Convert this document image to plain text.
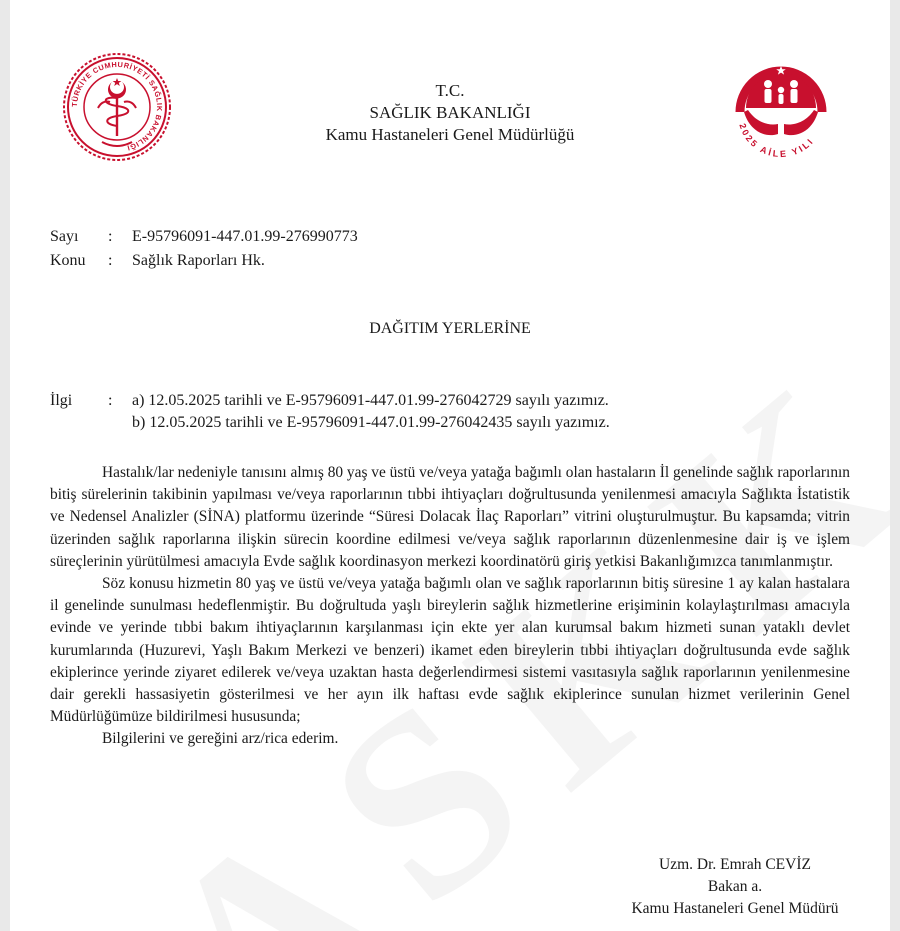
TÜRKİYE CUMHURİYETİ SAĞLIK BAKANLIĞI
2025 AİLE YILI
T.C.
SAĞLIK BAKANLIĞI
Kamu Hastaneleri Genel Müdürlüğü
Sayı : E-95796091-447.01.99-276990773
Konu : Sağlık Raporları Hk.
DAĞITIM YERLERİNE
İlgi : a) 12.05.2025 tarihli ve E-95796091-447.01.99-276042729 sayılı yazımız.
b) 12.05.2025 tarihli ve E-95796091-447.01.99-276042435 sayılı yazımız.

Hastalık/lar nedeniyle tanısını almış 80 yaş ve üstü ve/veya yatağa bağımlı olan hastaların İl genelinde sağlık raporlarının bitiş sürelerinin takibinin yapılması ve/veya raporlarının tıbbi ihtiyaçları doğrultusunda yenilenmesi amacıyla Sağlıkta İstatistik ve Nedensel Analizler (SİNA) platformu üzerinde “Süresi Dolacak İlaç Raporları” vitrini oluşturulmuştur. Bu kapsamda; vitrin üzerinden sağlık raporlarına ilişkin sürecin koordine edilmesi ve/veya sağlık raporlarının düzenlenmesine dair iş ve işlem süreçlerinin yürütülmesi amacıyla Evde sağlık koordinasyon merkezi koordinatörü giriş yetkisi Bakanlığımızca tanımlanmıştır.

Söz konusu hizmetin 80 yaş ve üstü ve/veya yatağa bağımlı olan ve sağlık raporlarının bitiş süresine 1 ay kalan hastalara il genelinde sunulması hedeflenmiştir. Bu doğrultuda yaşlı bireylerin sağlık hizmetlerine erişiminin kolaylaştırılması amacıyla evinde ve yerinde tıbbi bakım ihtiyaçlarının karşılanması için ekte yer alan kurumsal bakım hizmeti sunan yataklı devlet kurumlarında (Huzurevi, Yaşlı Bakım Merkezi ve benzeri) ikamet eden bireylerin tıbbi ihtiyaçları doğrultusunda evde sağlık ekiplerince yerinde ziyaret edilerek ve/veya uzaktan hasta değerlendirmesi sistemi vasıtasıyla sağlık raporlarının yenilenmesine dair gerekli hassasiyetin gösterilmesi ve her ayın ilk haftası evde sağlık ekiplerince sunulan hizmet verilerinin Genel Müdürlüğümüze bildirilmesi hususunda;

Bilgilerini ve gereğini arz/rica ederim.

Uzm. Dr. Emrah CEVİZ
Bakan a.
Kamu Hastaneleri Genel Müdürü
